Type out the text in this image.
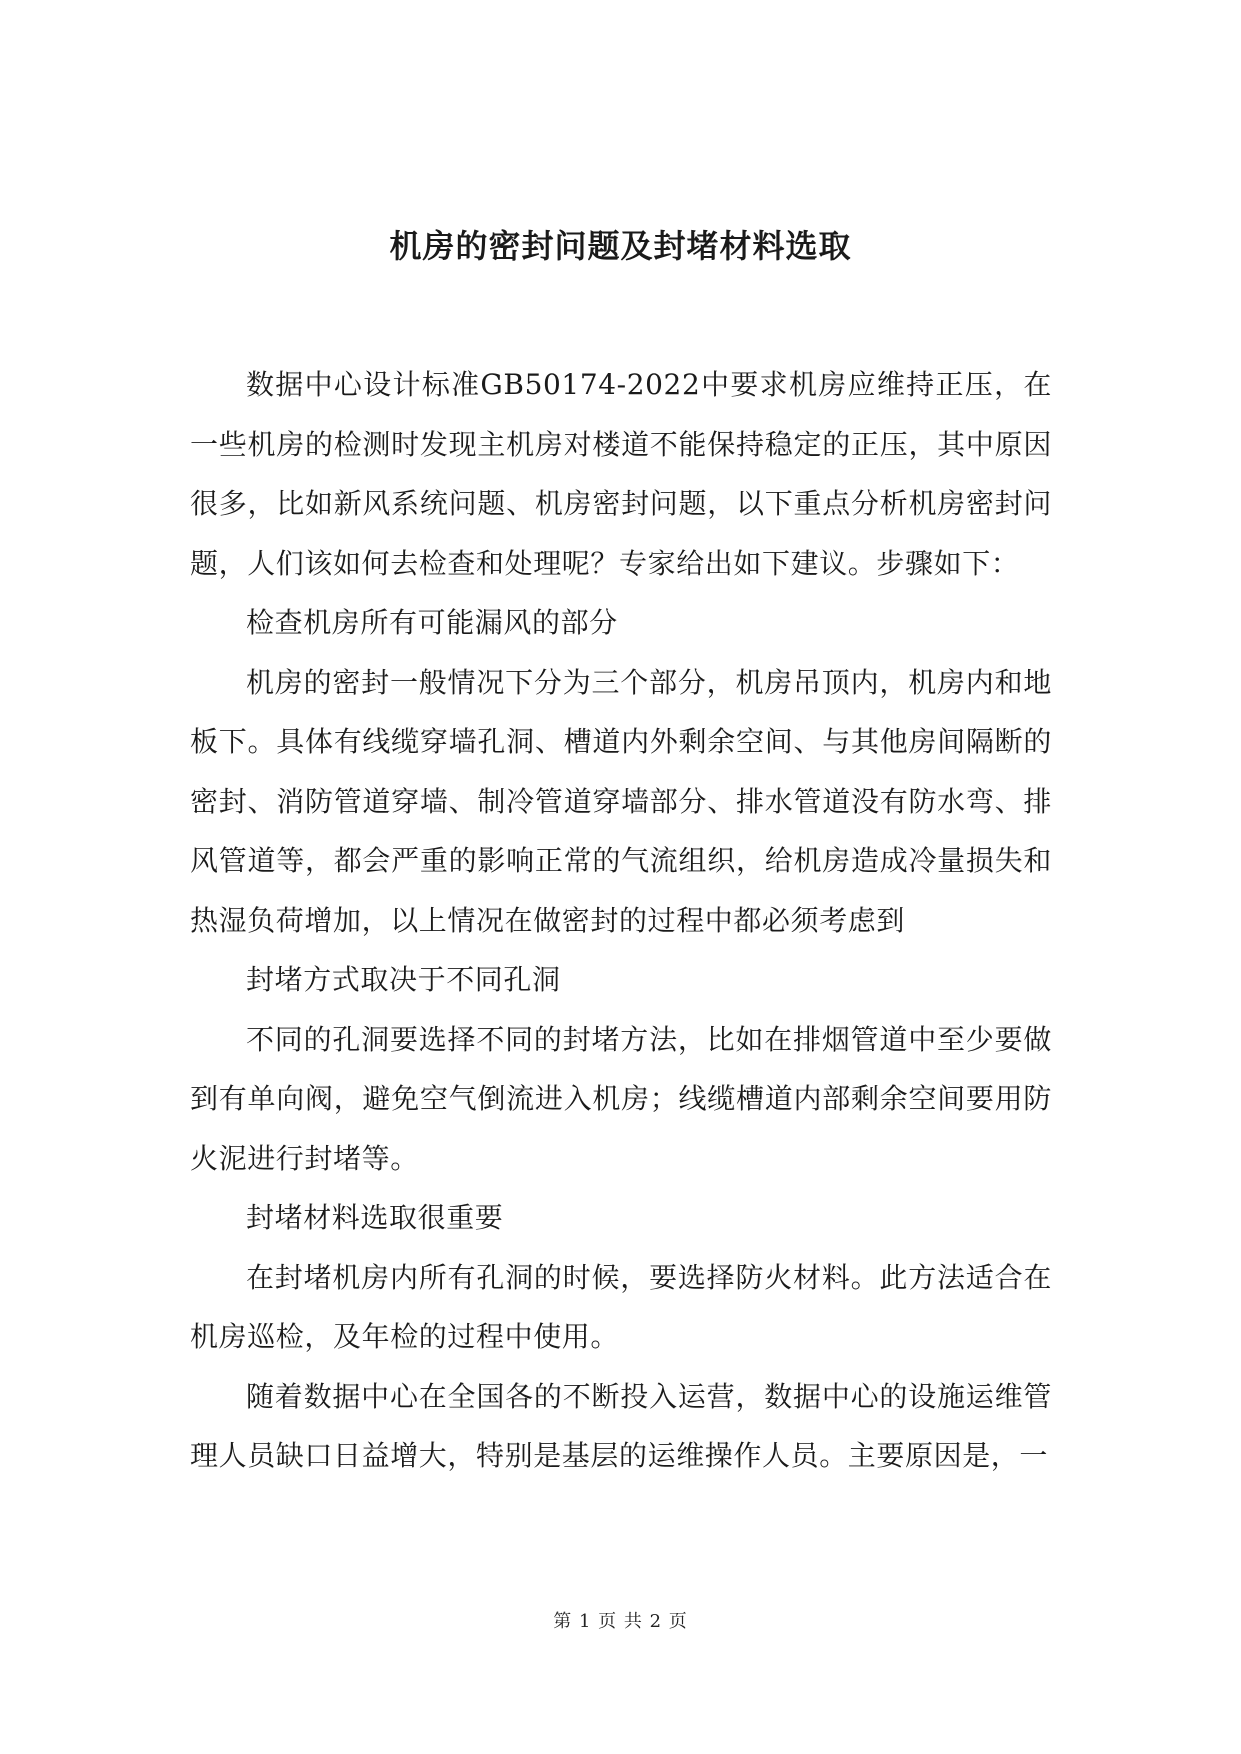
机房的密封问题及封堵材料选取

数据中心设计标准GB50174-2022中要求机房应维持正压，在一些机房的检测时发现主机房对楼道不能保持稳定的正压，其中原因很多，比如新风系统问题、机房密封问题，以下重点分析机房密封问题，人们该如何去检查和处理呢？专家给出如下建议。步骤如下：

检查机房所有可能漏风的部分

机房的密封一般情况下分为三个部分，机房吊顶内，机房内和地板下。具体有线缆穿墙孔洞、槽道内外剩余空间、与其他房间隔断的密封、消防管道穿墙、制冷管道穿墙部分、排水管道没有防水弯、排风管道等，都会严重的影响正常的气流组织，给机房造成冷量损失和热湿负荷增加，以上情况在做密封的过程中都必须考虑到

封堵方式取决于不同孔洞

不同的孔洞要选择不同的封堵方法，比如在排烟管道中至少要做到有单向阀，避免空气倒流进入机房；线缆槽道内部剩余空间要用防火泥进行封堵等。

封堵材料选取很重要

在封堵机房内所有孔洞的时候，要选择防火材料。此方法适合在机房巡检，及年检的过程中使用。

随着数据中心在全国各的不断投入运营，数据中心的设施运维管理人员缺口日益增大，特别是基层的运维操作人员。主要原因是，一

第 1 页 共 2 页
